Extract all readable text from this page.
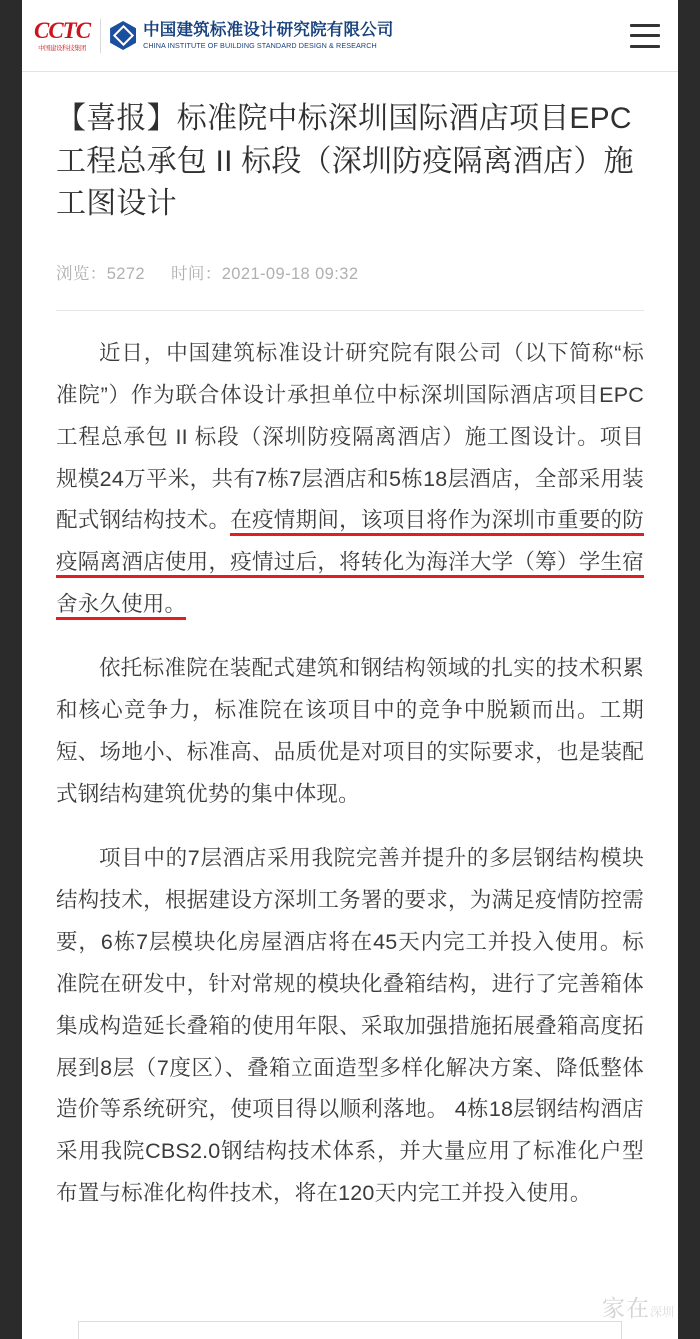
CCTC
中国建设科技集团
中国建筑标准设计研究院有限公司
CHINA INSTITUTE OF BUILDING STANDARD DESIGN & RESEARCH
【喜报】标准院中标深圳国际酒店项目EPC工程总承包 II 标段（深圳防疫隔离酒店）施工图设计
浏览：5272 时间：2021-09-18 09:32

近日，中国建筑标准设计研究院有限公司（以下简称“标准院”）作为联合体设计承担单位中标深圳国际酒店项目EPC工程总承包 II 标段（深圳防疫隔离酒店）施工图设计。项目规模24万平米，共有7栋7层酒店和5栋18层酒店，全部采用装配式钢结构技术。在疫情期间，该项目将作为深圳市重要的防疫隔离酒店使用，疫情过后，将转化为海洋大学（筹）学生宿舍永久使用。

依托标准院在装配式建筑和钢结构领域的扎实的技术积累和核心竞争力，标准院在该项目中的竞争中脱颖而出。工期短、场地小、标准高、品质优是对项目的实际要求，也是装配式钢结构建筑优势的集中体现。

项目中的7层酒店采用我院完善并提升的多层钢结构模块结构技术，根据建设方深圳工务署的要求，为满足疫情防控需要，6栋7层模块化房屋酒店将在45天内完工并投入使用。标准院在研发中，针对常规的模块化叠箱结构，进行了完善箱体集成构造延长叠箱的使用年限、采取加强措施拓展叠箱高度拓展到8层（7度区）、叠箱立面造型多样化解决方案、降低整体造价等系统研究，使项目得以顺利落地。 4栋18层钢结构酒店采用我院CBS2.0钢结构技术体系，并大量应用了标准化户型布置与标准化构件技术，将在120天内完工并投入使用。

家在深圳
